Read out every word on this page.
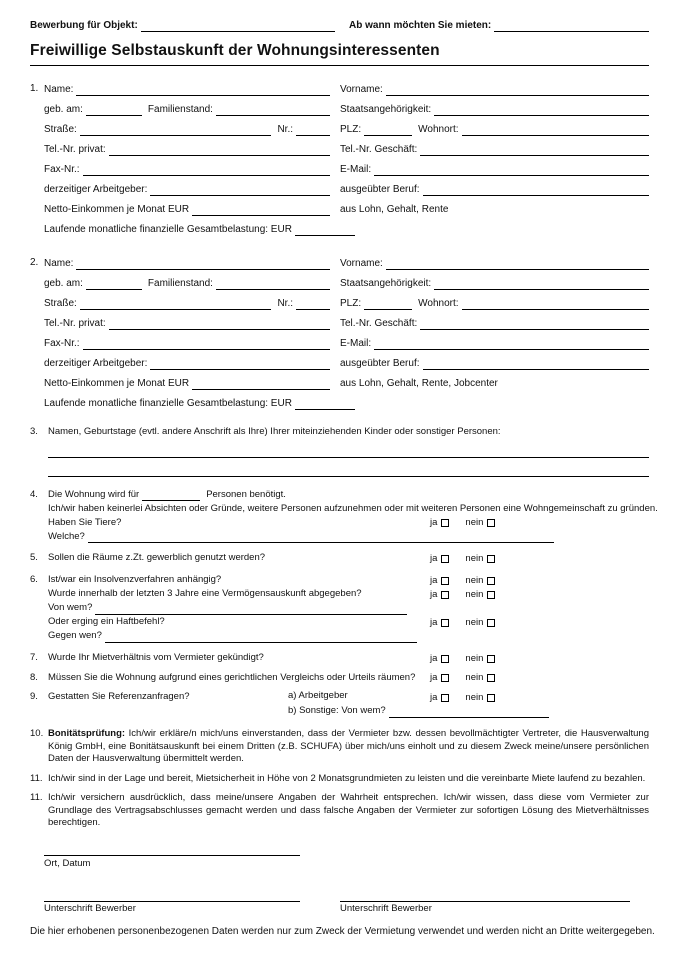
Bewerbung für Objekt:	Ab wann möchten Sie mieten:
Freiwillige Selbstauskunft der Wohnungsinteressenten
1. Name:	Vorname:
geb. am:	Familienstand:	Staatsangehörigkeit:
Straße:	Nr.:	PLZ:	Wohnort:
Tel.-Nr. privat:	Tel.-Nr. Geschäft:
Fax-Nr.:	E-Mail:
derzeitiger Arbeitgeber:	ausgeübter Beruf:
Netto-Einkommen je Monat EUR	aus Lohn, Gehalt, Rente
Laufende monatliche finanzielle Gesamtbelastung: EUR
2. Name:	Vorname:
geb. am:	Familienstand:	Staatsangehörigkeit:
Straße:	Nr.:	PLZ:	Wohnort:
Tel.-Nr. privat:	Tel.-Nr. Geschäft:
Fax-Nr.:	E-Mail:
derzeitiger Arbeitgeber:	ausgeübter Beruf:
Netto-Einkommen je Monat EUR	aus Lohn, Gehalt, Rente, Jobcenter
Laufende monatliche finanzielle Gesamtbelastung: EUR
3.	Namen, Geburtstage (evtl. andere Anschrift als Ihre) Ihrer miteinziehenden Kinder oder sonstiger Personen:
4.	Die Wohnung wird für	Personen benötigt.
Ich/wir haben keinerlei Absichten oder Gründe, weitere Personen aufzunehmen oder mit weiteren Personen eine Wohngemeinschaft zu gründen.
Haben Sie Tiere?	ja	nein
Welche?
5.	Sollen die Räume z.Zt. gewerblich genutzt werden?	ja	nein
6.	Ist/war ein Insolvenzverfahren anhängig?	ja	nein
Wurde innerhalb der letzten 3 Jahre eine Vermögensauskunft abgegeben?	ja	nein
Von wem?
Oder erging ein Haftbefehl?	ja	nein
Gegen wen?
7.	Wurde Ihr Mietverhältnis vom Vermieter gekündigt?	ja	nein
8.	Müssen Sie die Wohnung aufgrund eines gerichtlichen Vergleichs oder Urteils räumen? ja	nein
9.	Gestatten Sie Referenzanfragen?	a) Arbeitgeber	ja	nein
b) Sonstige: Von wem?
10. Bonitätsprüfung: Ich/wir erkläre/n mich/uns einverstanden, dass der Vermieter bzw. dessen bevollmächtigter Vertreter, die Hausverwaltung König GmbH, eine Bonitätsauskunft bei einem Dritten (z.B. SCHUFA) über mich/uns einholt und zu diesem Zweck meine/unsere persönlichen Daten der Hausverwaltung übermittelt werden.
11. Ich/wir sind in der Lage und bereit, Mietsicherheit in Höhe von 2 Monatsgrundmieten zu leisten und die vereinbarte Miete laufend zu bezahlen.
11. Ich/wir versichern ausdrücklich, dass meine/unsere Angaben der Wahrheit entsprechen. Ich/wir wissen, dass diese vom Vermieter zur Grundlage des Vertragsabschlusses gemacht werden und dass falsche Angaben der Vermieter zur sofortigen Lösung des Mietverhältnisses berechtigen.
Ort, Datum
Unterschrift Bewerber	Unterschrift Bewerber
Die hier erhobenen personenbezogenen Daten werden nur zum Zweck der Vermietung verwendet und werden nicht an Dritte weitergegeben.
